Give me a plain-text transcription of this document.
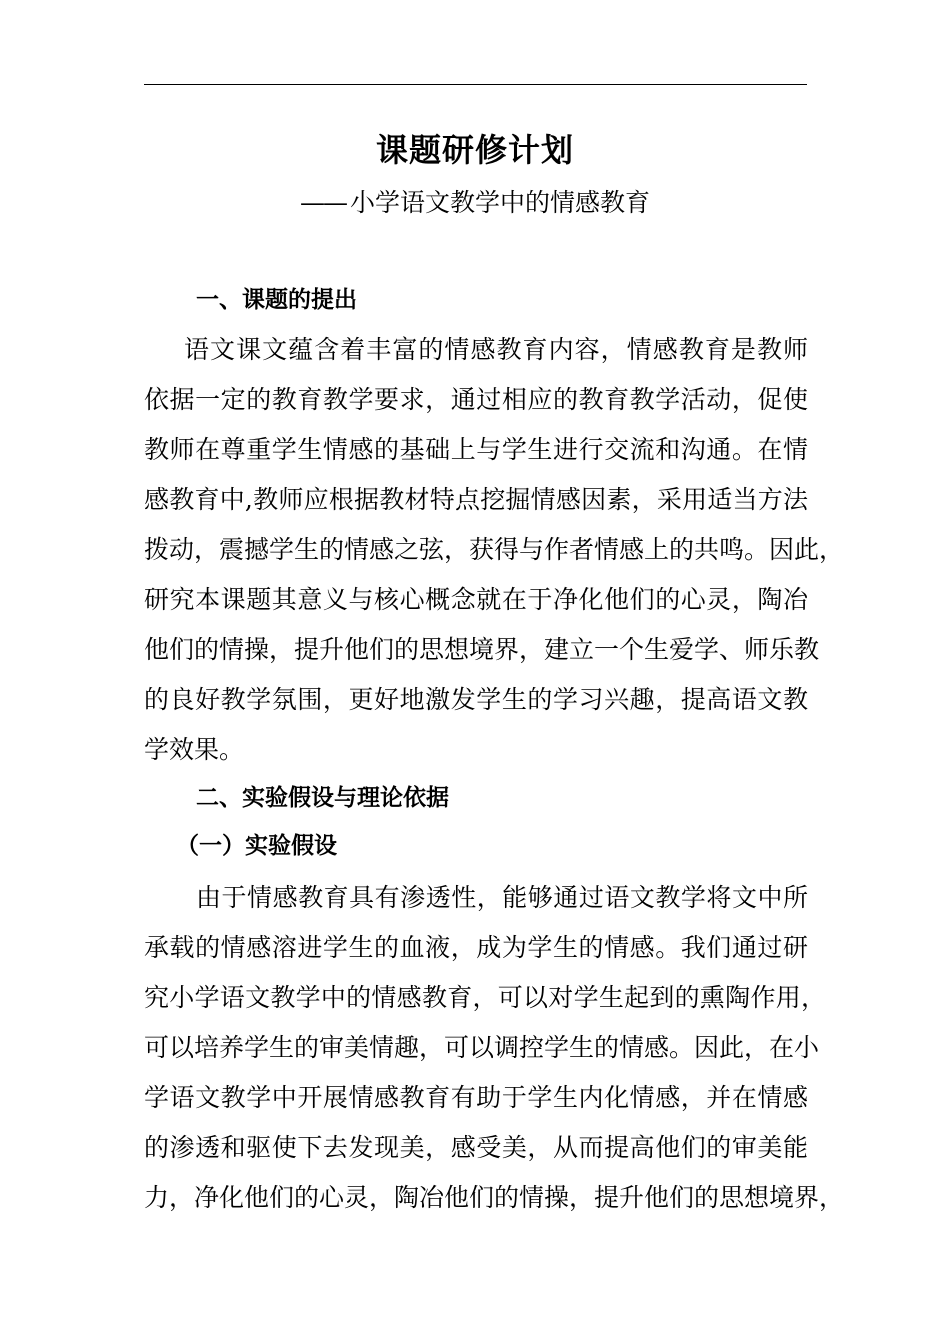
课题研修计划
—— 小学语文教学中的情感教育
一、课题的提出
语文课文蕴含着丰富的情感教育内容，情感教育是教师
依据一定的教育教学要求，通过相应的教育教学活动，促使
教师在尊重学生情感的基础上与学生进行交流和沟通。在情
感教育中,教师应根据教材特点挖掘情感因素，采用适当方法
拨动，震撼学生的情感之弦，获得与作者情感上的共鸣。因此，
研究本课题其意义与核心概念就在于净化他们的心灵，陶冶
他们的情操，提升他们的思想境界，建立一个生爱学、师乐教
的良好教学氛围，更好地激发学生的学习兴趣，提高语文教
学效果。
二、实验假设与理论依据
（一）实验假设
由于情感教育具有渗透性，能够通过语文教学将文中所
承载的情感溶进学生的血液，成为学生的情感。我们通过研
究小学语文教学中的情感教育，可以对学生起到的熏陶作用，
可以培养学生的审美情趣，可以调控学生的情感。因此，在小
学语文教学中开展情感教育有助于学生内化情感，并在情感
的渗透和驱使下去发现美，感受美，从而提高他们的审美能
力，净化他们的心灵，陶冶他们的情操，提升他们的思想境界，
